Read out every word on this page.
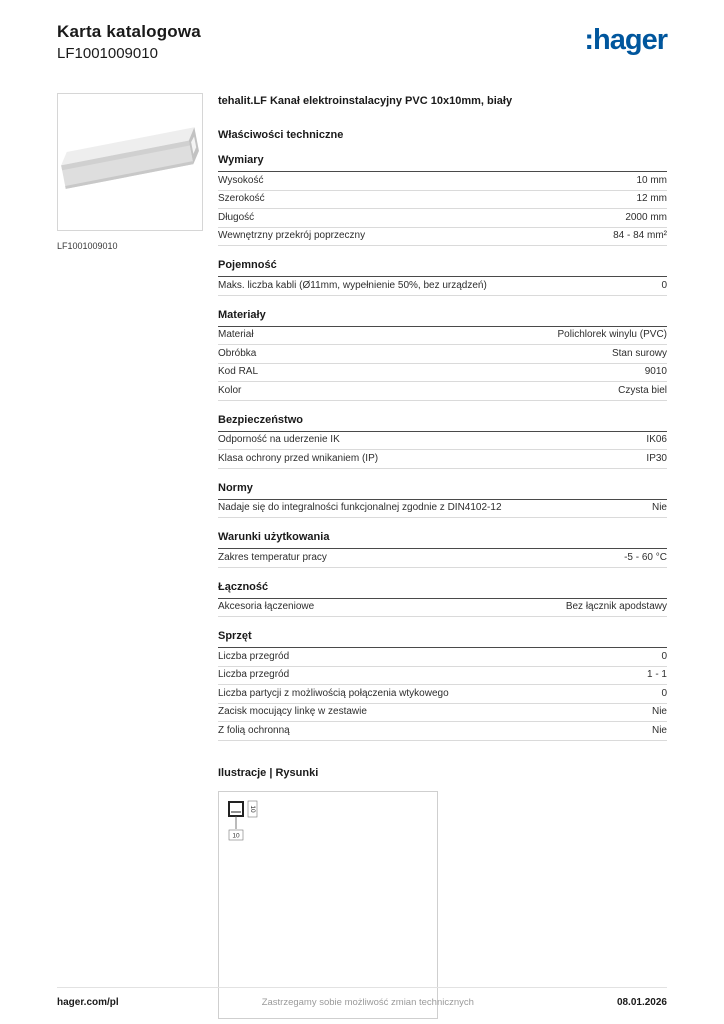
Karta katalogowa
LF1001009010	:hager
LF1001009010
tehalit.LF Kanał elektroinstalacyjny PVC 10x10mm, biały
Właściwości techniczne
Wymiary
Wysokość	10 mm
Szerokość	12 mm
Długość	2000 mm
Wewnętrzny przekrój poprzeczny	84 - 84 mm²
Pojemność
Maks. liczba kabli (Ø11mm, wypełnienie 50%, bez urządzeń)	0
Materiały
Materiał	Polichlorek winylu (PVC)
Obróbka	Stan surowy
Kod RAL	9010
Kolor	Czysta biel
Bezpieczeństwo
Odporność na uderzenie IK	IK06
Klasa ochrony przed wnikaniem (IP)	IP30
Normy
Nadaje się do integralności funkcjonalnej zgodnie z DIN4102-12	Nie
Warunki użytkowania
Zakres temperatur pracy	-5 - 60 °C
Łączność
Akcesoria łączeniowe	Bez łącznik apodstawy
Sprzęt
Liczba przegród	0
Liczba przegród	1 - 1
Liczba partycji z możliwością połączenia wtykowego	0
Zacisk mocujący linkę w zestawie	Nie
Z folią ochronną	Nie
Ilustracje | Rysunki
10
10
hager.com/pl	Zastrzegamy sobie możliwość zmian technicznych	08.01.2026
